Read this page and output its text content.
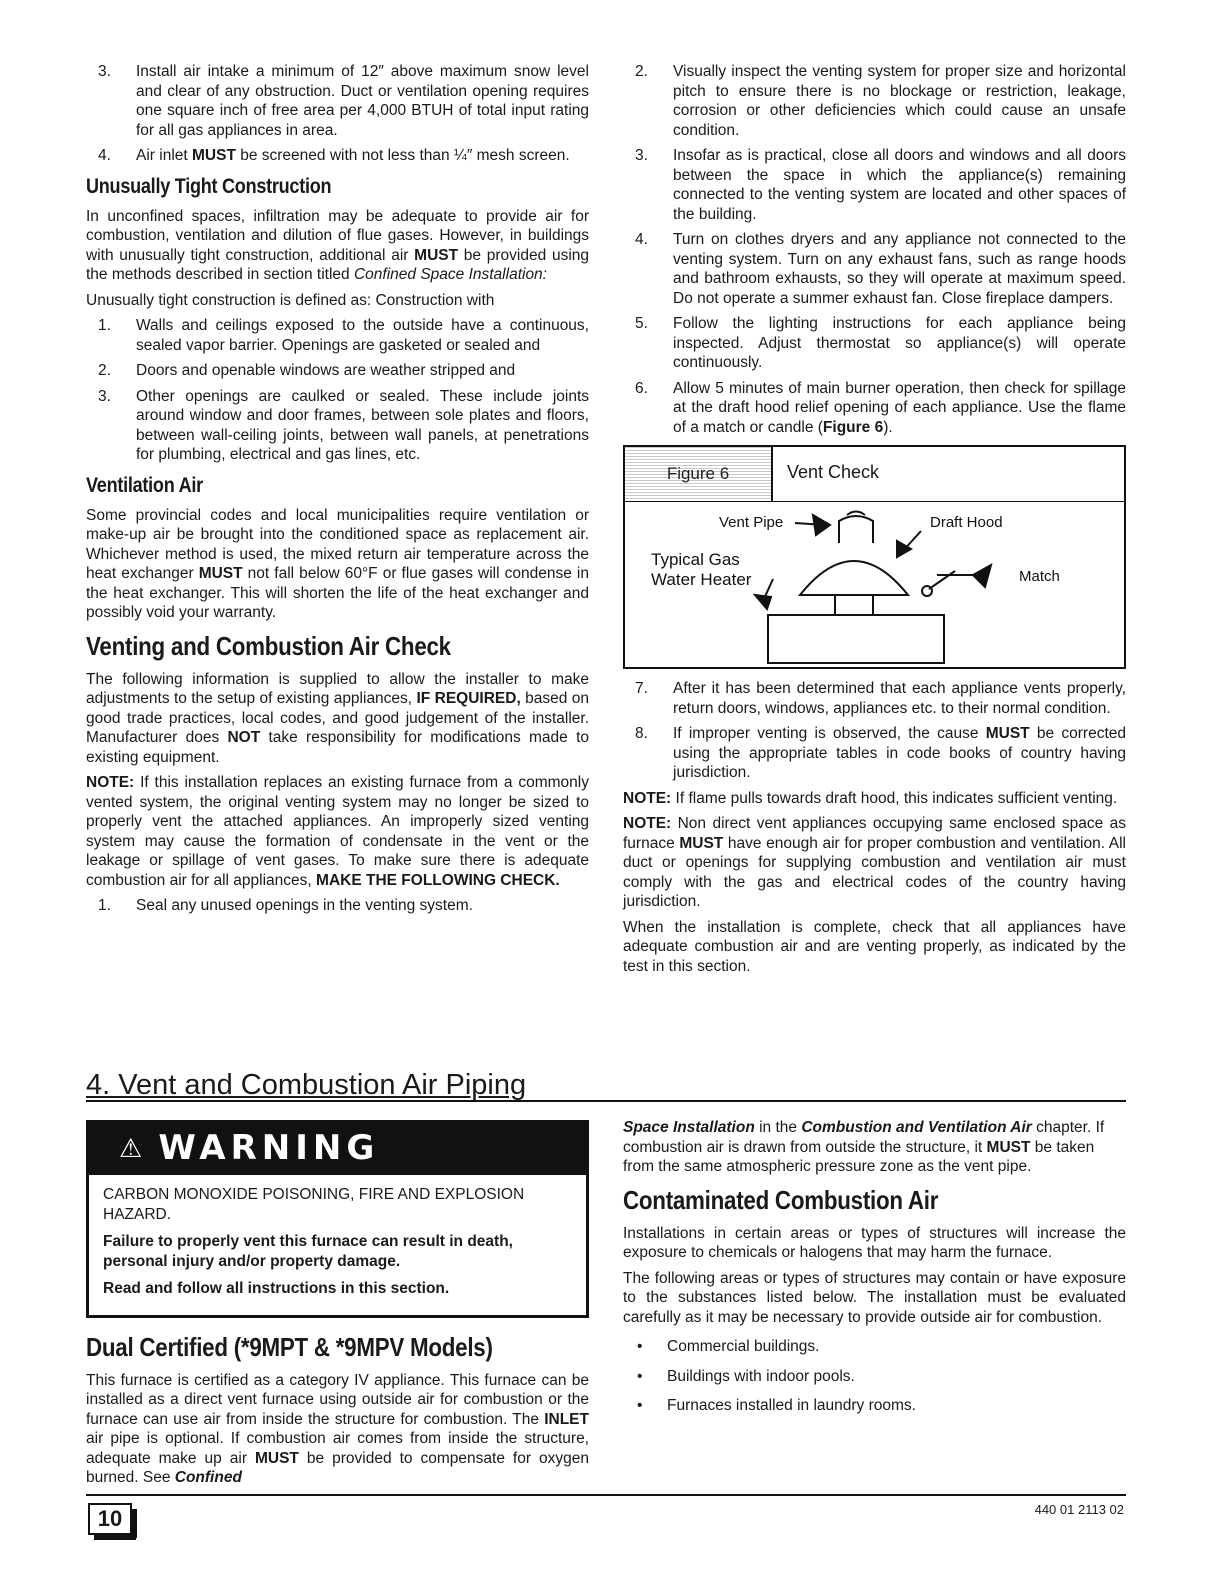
3. Install air intake a minimum of 12″ above maximum snow level and clear of any obstruction. Duct or ventilation opening requires one square inch of free area per 4,000 BTUH of total input rating for all gas appliances in area.
4. Air inlet MUST be screened with not less than ¼″ mesh screen.
Unusually Tight Construction

In unconfined spaces, infiltration may be adequate to provide air for combustion, ventilation and dilution of flue gases. However, in buildings with unusually tight construction, additional air MUST be provided using the methods described in section titled Confined Space Installation:

Unusually tight construction is defined as: Construction with

1. Walls and ceilings exposed to the outside have a continuous, sealed vapor barrier. Openings are gasketed or sealed and
2. Doors and openable windows are weather stripped and
3. Other openings are caulked or sealed. These include joints around window and door frames, between sole plates and floors, between wall-ceiling joints, between wall panels, at penetrations for plumbing, electrical and gas lines, etc.
Ventilation Air

Some provincial codes and local municipalities require ventilation or make-up air be brought into the conditioned space as replacement air. Whichever method is used, the mixed return air temperature across the heat exchanger MUST not fall below 60°F or flue gases will condense in the heat exchanger. This will shorten the life of the heat exchanger and possibly void your warranty.

Venting and Combustion Air Check

The following information is supplied to allow the installer to make adjustments to the setup of existing appliances, IF REQUIRED, based on good trade practices, local codes, and good judgement of the installer. Manufacturer does NOT take responsibility for modifications made to existing equipment.

NOTE: If this installation replaces an existing furnace from a commonly vented system, the original venting system may no longer be sized to properly vent the attached appliances. An improperly sized venting system may cause the formation of condensate in the vent or the leakage or spillage of vent gases. To make sure there is adequate combustion air for all appliances, MAKE THE FOLLOWING CHECK.

1. Seal any unused openings in the venting system.
2. Visually inspect the venting system for proper size and horizontal pitch to ensure there is no blockage or restriction, leakage, corrosion or other deficiencies which could cause an unsafe condition.
3. Insofar as is practical, close all doors and windows and all doors between the space in which the appliance(s) remaining connected to the venting system are located and other spaces of the building.
4. Turn on clothes dryers and any appliance not connected to the venting system. Turn on any exhaust fans, such as range hoods and bathroom exhausts, so they will operate at maximum speed. Do not operate a summer exhaust fan. Close fireplace dampers.
5. Follow the lighting instructions for each appliance being inspected. Adjust thermostat so appliance(s) will operate continuously.
6. Allow 5 minutes of main burner operation, then check for spillage at the draft hood relief opening of each appliance. Use the flame of a match or candle (Figure 6).
Figure 6	Vent Check
Vent Pipe	Draft Hood
Typical Gas
Water Heater	Match
7. After it has been determined that each appliance vents properly, return doors, windows, appliances etc. to their normal condition.
8. If improper venting is observed, the cause MUST be corrected using the appropriate tables in code books of country having jurisdiction.

NOTE: If flame pulls towards draft hood, this indicates sufficient venting.

NOTE: Non direct vent appliances occupying same enclosed space as furnace MUST have enough air for proper combustion and ventilation. All duct or openings for supplying combustion and ventilation air must comply with the gas and electrical codes of the country having jurisdiction.

When the installation is complete, check that all appliances have adequate combustion air and are venting properly, as indicated by the test in this section.

4. Vent and Combustion Air Piping
⚠ WARNING

CARBON MONOXIDE POISONING, FIRE AND EXPLOSION HAZARD.

Failure to properly vent this furnace can result in death, personal injury and/or property damage.

Read and follow all instructions in this section.

Dual Certified (*9MPT & *9MPV Models)

This furnace is certified as a category IV appliance. This furnace can be installed as a direct vent furnace using outside air for combustion or the furnace can use air from inside the structure for combustion. The INLET air pipe is optional. If combustion air comes from inside the structure, adequate make up air MUST be provided to compensate for oxygen burned. See Confined

Space Installation in the Combustion and Ventilation Air chapter. If combustion air is drawn from outside the structure, it MUST be taken from the same atmospheric pressure zone as the vent pipe.

Contaminated Combustion Air

Installations in certain areas or types of structures will increase the exposure to chemicals or halogens that may harm the furnace.

The following areas or types of structures may contain or have exposure to the substances listed below. The installation must be evaluated carefully as it may be necessary to provide outside air for combustion.

• Commercial buildings.
• Buildings with indoor pools.
• Furnaces installed in laundry rooms.
10	440 01 2113 02
